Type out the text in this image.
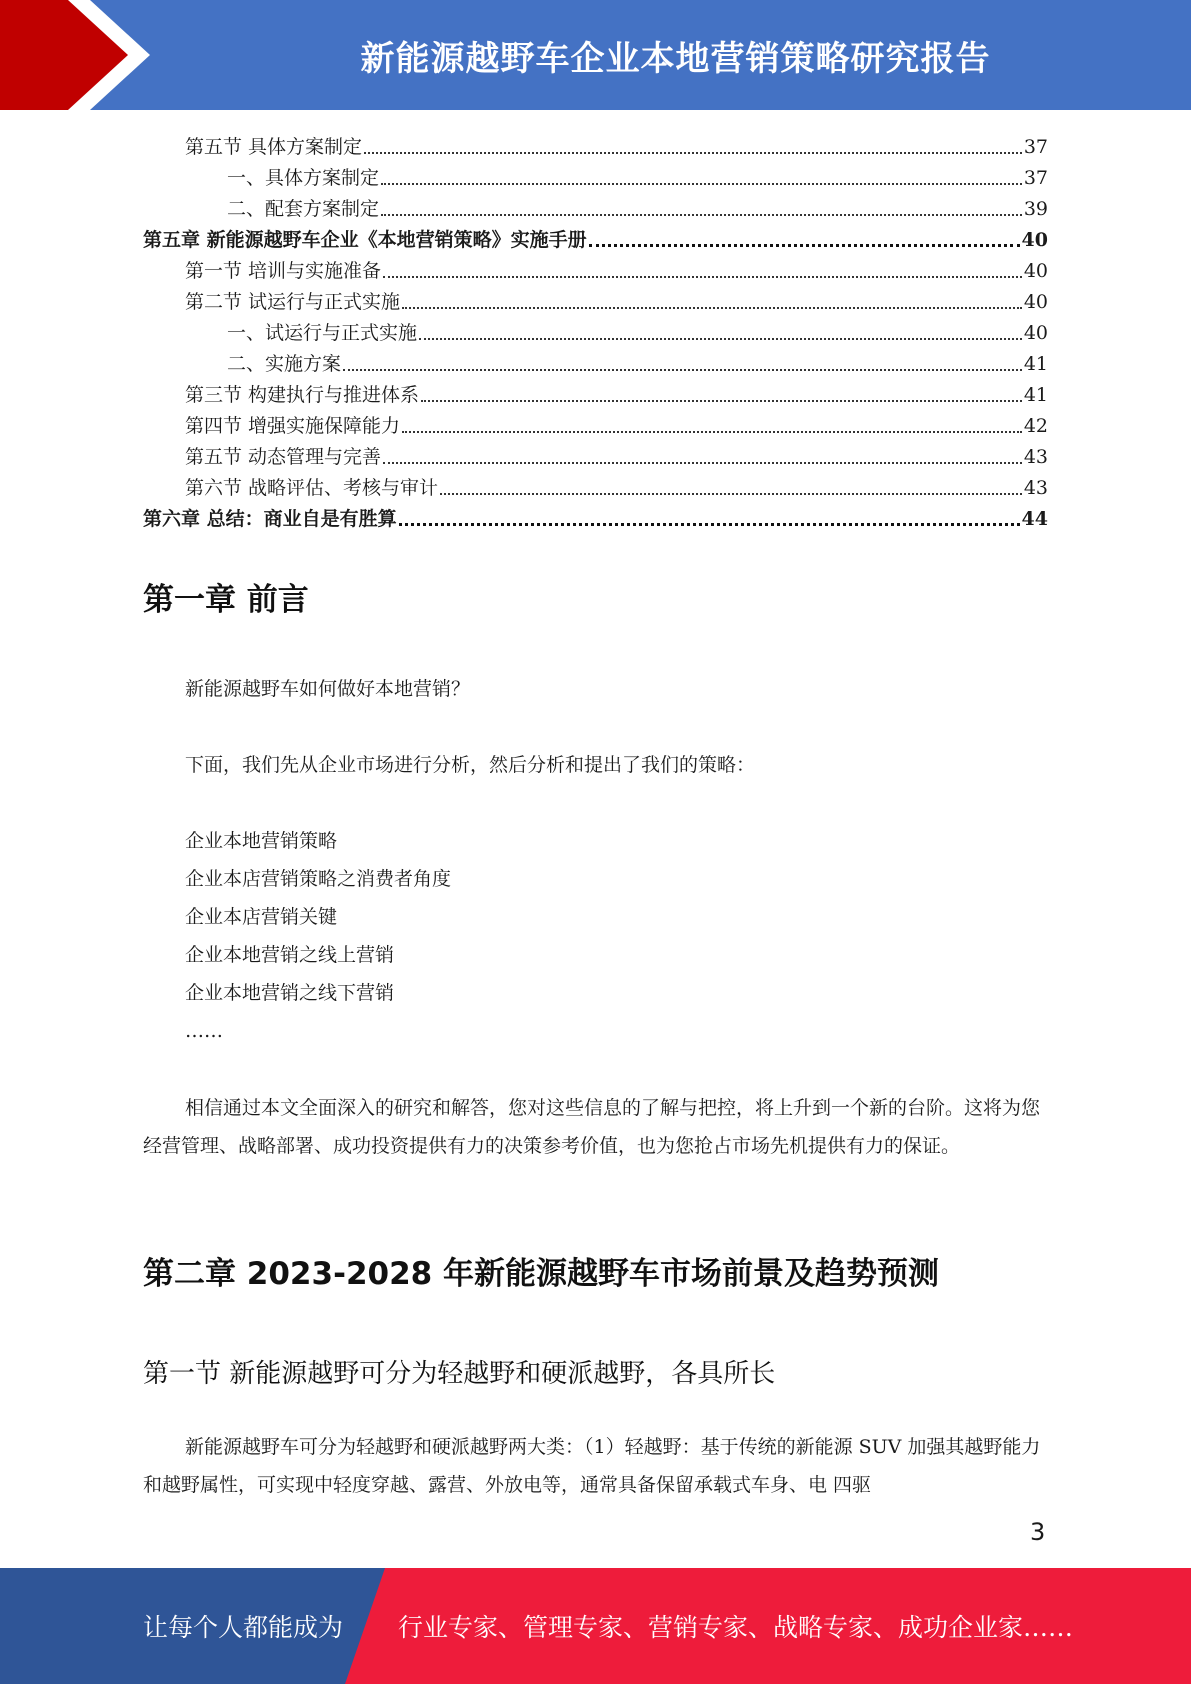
新能源越野车企业本地营销策略研究报告
第五节 具体方案制定	37
一、具体方案制定	37
二、配套方案制定	39
第五章 新能源越野车企业《本地营销策略》实施手册	40
第一节 培训与实施准备	40
第二节 试运行与正式实施	40
一、试运行与正式实施	40
二、实施方案	41
第三节 构建执行与推进体系	41
第四节 增强实施保障能力	42
第五节 动态管理与完善	43
第六节 战略评估、考核与审计	43
第六章 总结：商业自是有胜算	44
第一章 前言
新能源越野车如何做好本地营销？
下面，我们先从企业市场进行分析，然后分析和提出了我们的策略：
企业本地营销策略
企业本店营销策略之消费者角度
企业本店营销关键
企业本地营销之线上营销
企业本地营销之线下营销
……
相信通过本文全面深入的研究和解答，您对这些信息的了解与把控，将上升到一个新的台阶。这将为您经营管理、战略部署、成功投资提供有力的决策参考价值，也为您抢占市场先机提供有力的保证。
第二章 2023-2028 年新能源越野车市场前景及趋势预测
第一节 新能源越野可分为轻越野和硬派越野，各具所长
新能源越野车可分为轻越野和硬派越野两大类：（1）轻越野：基于传统的新能源 SUV 加强其越野能力和越野属性，可实现中轻度穿越、露营、外放电等，通常具备保留承载式车身、电 四驱
3
让每个人都能成为 行业专家、管理专家、营销专家、战略专家、成功企业家……
